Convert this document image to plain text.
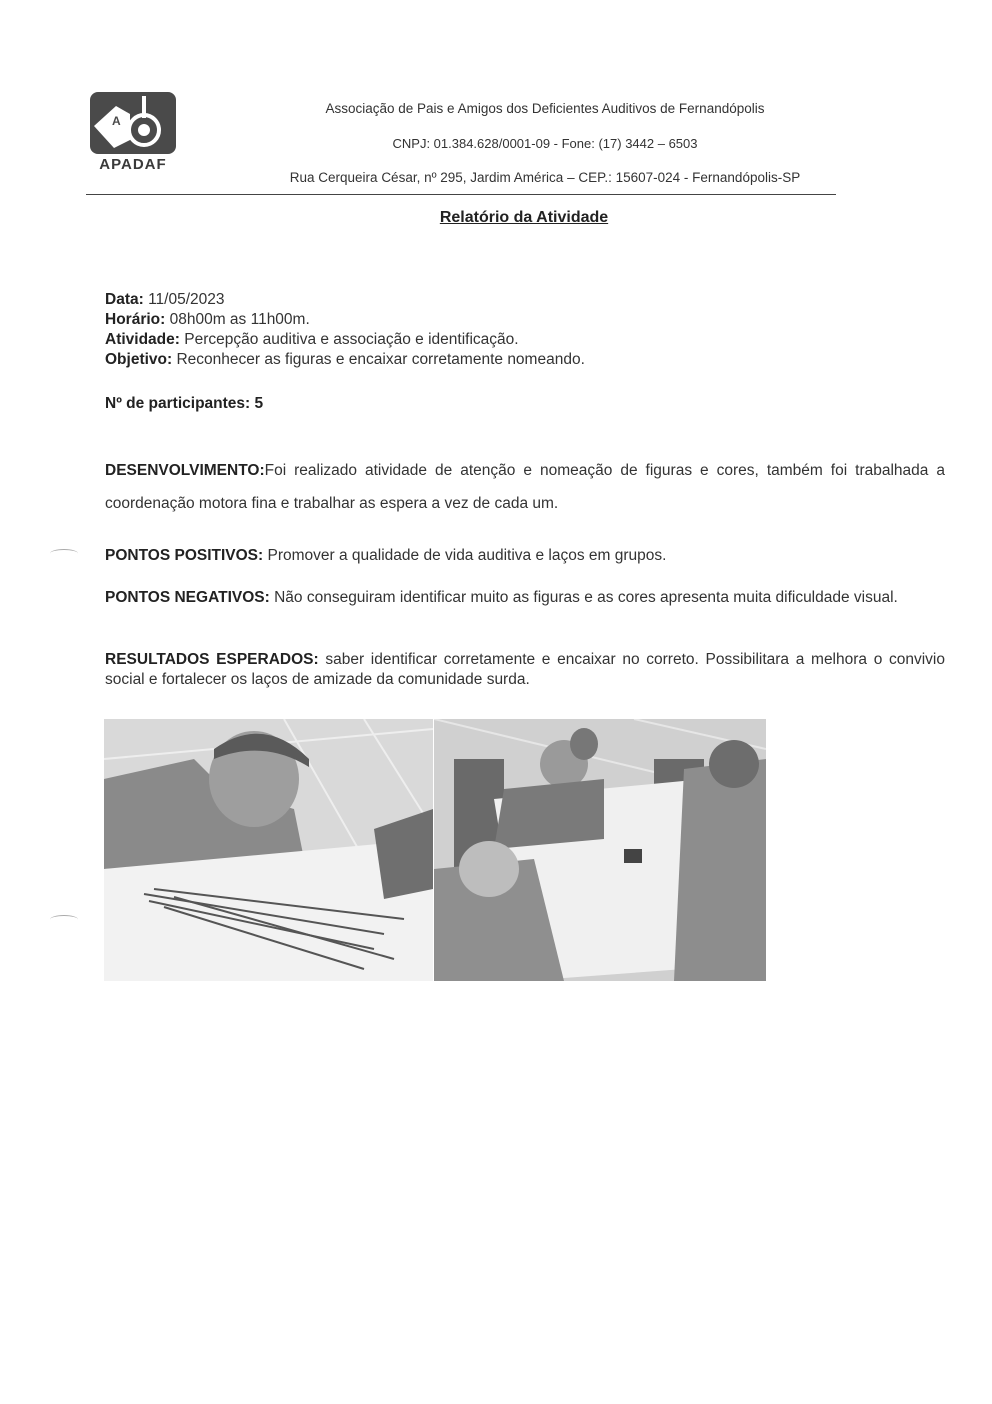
A
APADAF
Associação de Pais e Amigos dos Deficientes Auditivos de Fernandópolis
CNPJ: 01.384.628/0001-09 - Fone: (17) 3442 – 6503
Rua Cerqueira César, nº 295, Jardim América – CEP.: 15607-024 - Fernandópolis-SP
Relatório da Atividade
Data: 11/05/2023
Horário: 08h00m as 11h00m.
Atividade: Percepção auditiva e associação e identificação.
Objetivo: Reconhecer as figuras e encaixar corretamente nomeando.
Nº de participantes: 5
DESENVOLVIMENTO:Foi realizado atividade de atenção e nomeação de figuras e cores, também foi trabalhada a coordenação motora fina e trabalhar as espera a vez de cada um.
PONTOS POSITIVOS: Promover a qualidade de vida auditiva e laços em grupos.
PONTOS NEGATIVOS: Não conseguiram identificar muito as figuras e as cores apresenta muita dificuldade visual.
RESULTADOS ESPERADOS: saber identificar corretamente e encaixar no correto. Possibilitara a melhora o convivio social e fortalecer os laços de amizade da comunidade surda.
